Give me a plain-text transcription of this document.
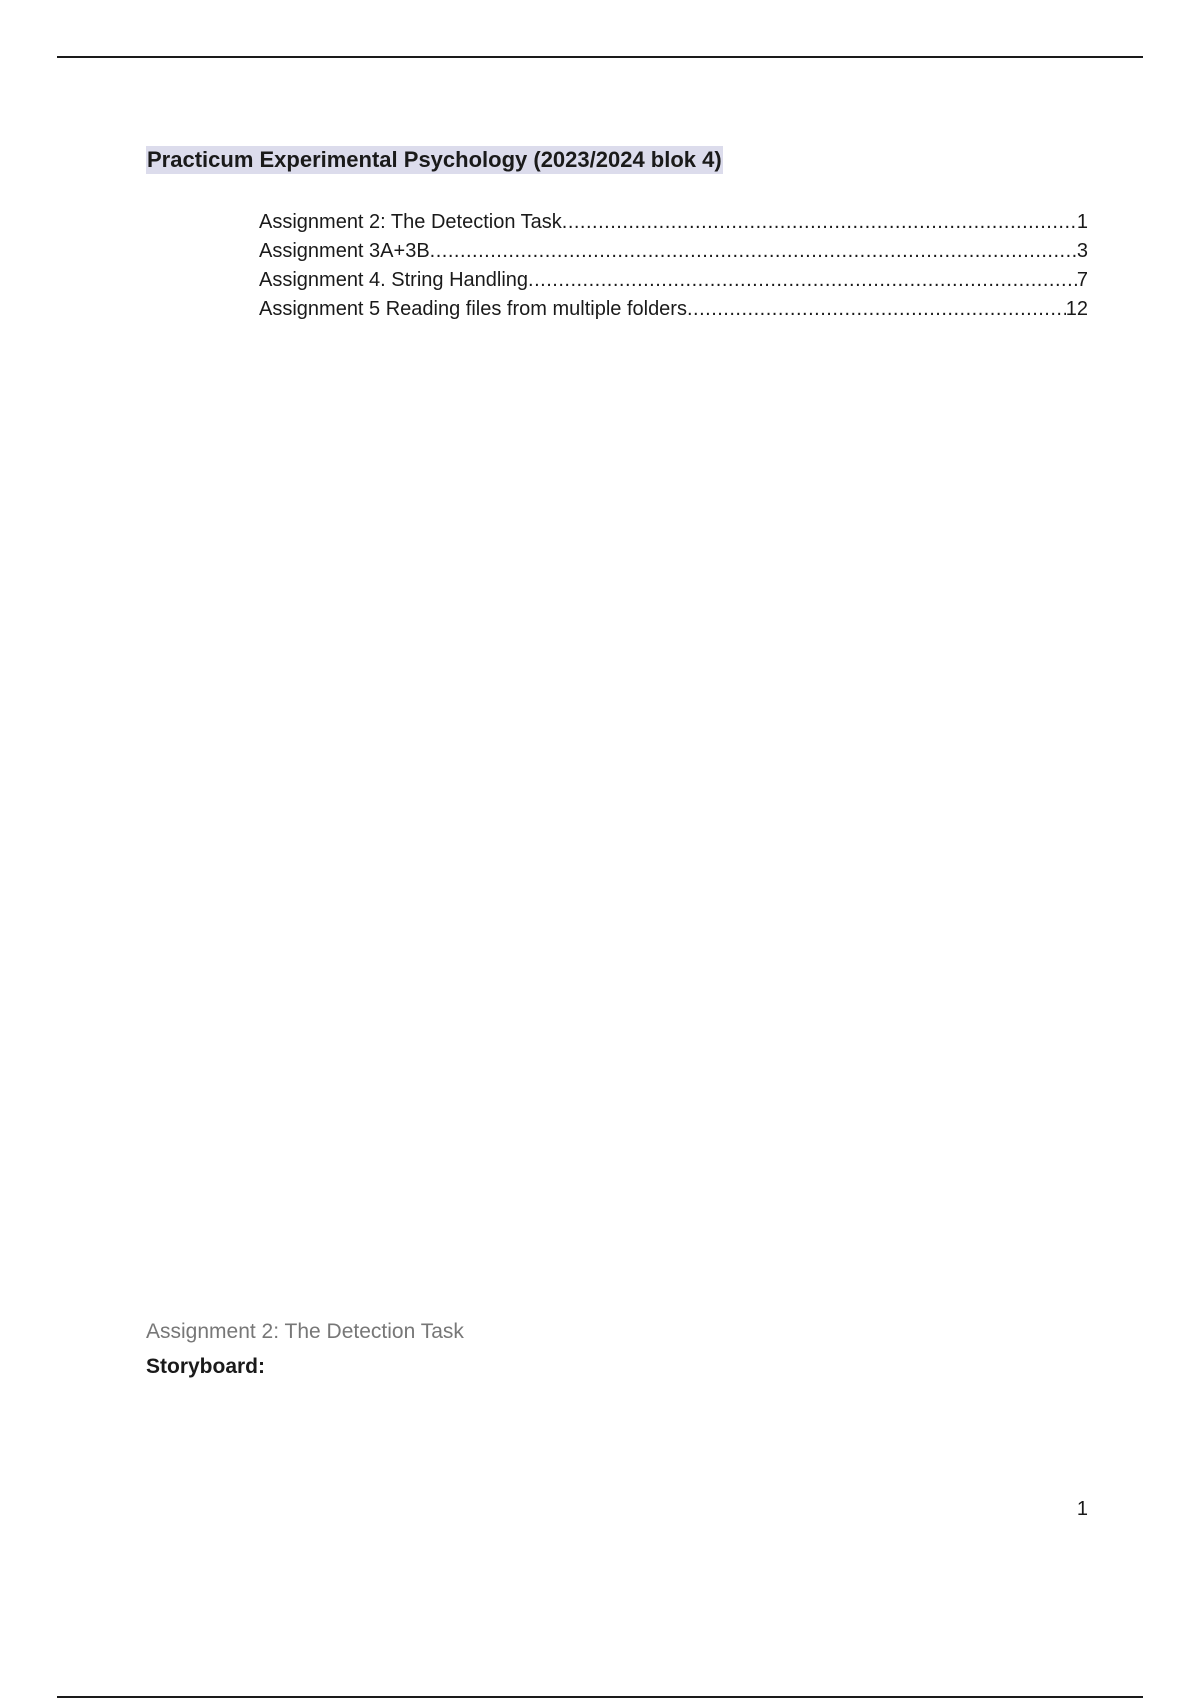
Practicum Experimental Psychology (2023/2024 blok 4)
Assignment 2: The Detection Task .....	1
Assignment 3A+3B .....	3
Assignment 4. String Handling .....	7
Assignment 5 Reading files from multiple folders .....	12
Assignment 2: The Detection Task
Storyboard:
1
